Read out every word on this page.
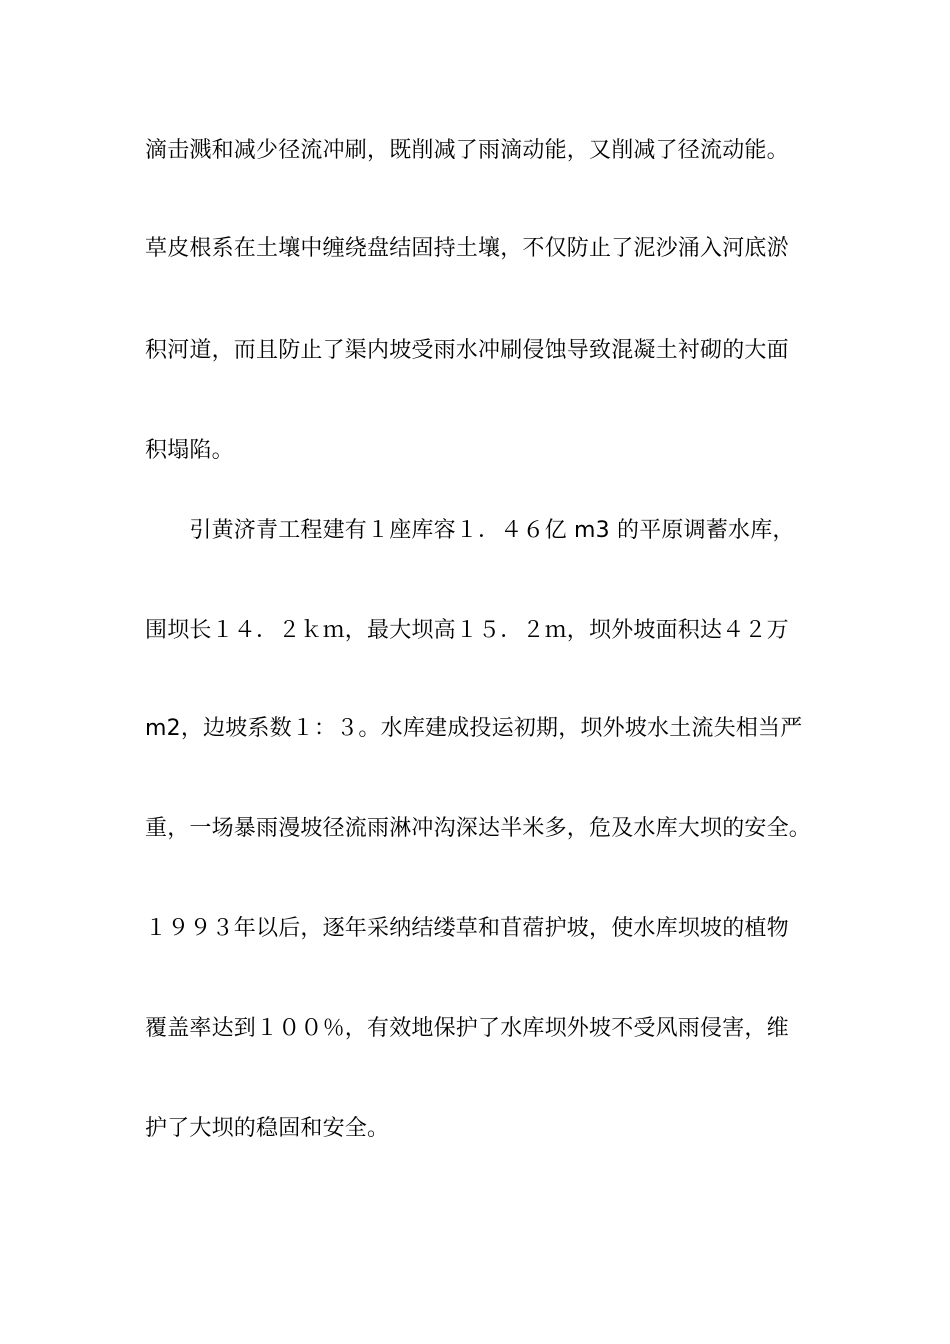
滴击溅和减少径流冲刷，既削减了雨滴动能，又削减了径流动能。
草皮根系在土壤中缠绕盘结固持土壤，不仅防止了泥沙涌入河底淤
积河道，而且防止了渠内坡受雨水冲刷侵蚀导致混凝土衬砌的大面
积塌陷。
　　引黄济青工程建有１座库容１．４６亿 m3 的平原调蓄水库，
围坝长１４．２ｋｍ，最大坝高１５．２ｍ，坝外坡面积达４２万
m2，边坡系数１：３。水库建成投运初期，坝外坡水土流失相当严
重，一场暴雨漫坡径流雨淋冲沟深达半米多，危及水库大坝的安全。
１９９３年以后，逐年采纳结缕草和苜蓿护坡，使水库坝坡的植物
覆盖率达到１００％，有效地保护了水库坝外坡不受风雨侵害，维
护了大坝的稳固和安全。
